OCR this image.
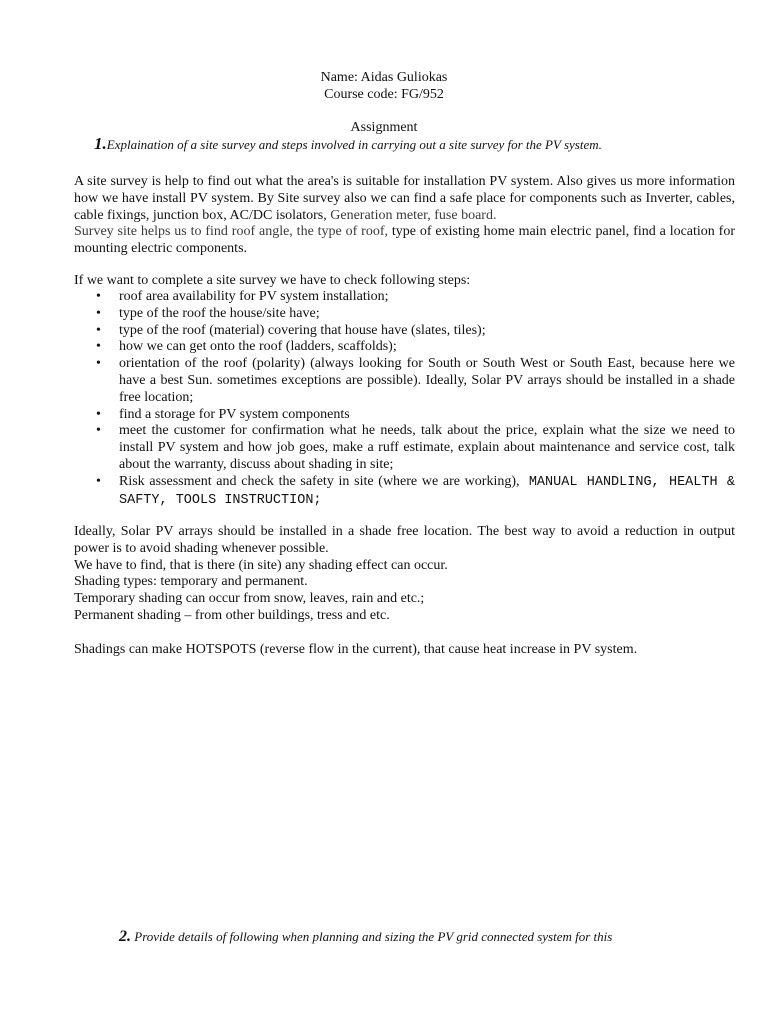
Name: Aidas Guliokas
Course code: FG/952
Assignment
1.Explaination of a site survey and steps involved in carrying out a site survey for the PV system.
A site survey is help to find out what the area's is suitable for installation PV system. Also gives us more information how we have install PV system. By Site survey also we can find a safe place for components such as Inverter, cables, cable fixings, junction box, AC/DC isolators, Generation meter, fuse board.
Survey site helps us to find roof angle, the type of roof, type of existing home main electric panel, find a location for mounting electric components.
If we want to complete a site survey we have to check following steps:
• roof area availability for PV system installation;
• type of the roof the house/site have;
• type of the roof (material) covering that house have (slates, tiles);
• how we can get onto the roof (ladders, scaffolds);
• orientation of the roof (polarity) (always looking for South or South West or South East, because here we have a best Sun. sometimes exceptions are possible). Ideally, Solar PV arrays should be installed in a shade free location;
• find a storage for PV system components
• meet the customer for confirmation what he needs, talk about the price, explain what the size we need to install PV system and how job goes, make a ruff estimate, explain about maintenance and service cost, talk about the warranty, discuss about shading in site;
• Risk assessment and check the safety in site (where we are working), MANUAL HANDLING, HEALTH & SAFTY, TOOLS INSTRUCTION;
Ideally, Solar PV arrays should be installed in a shade free location. The best way to avoid a reduction in output power is to avoid shading whenever possible.
We have to find, that is there (in site) any shading effect can occur.
Shading types: temporary and permanent.
Temporary shading can occur from snow, leaves, rain and etc.;
Permanent shading – from other buildings, tress and etc.
Shadings can make HOTSPOTS (reverse flow in the current), that cause heat increase in PV system.
2. Provide details of following when planning and sizing the PV grid connected system for this
